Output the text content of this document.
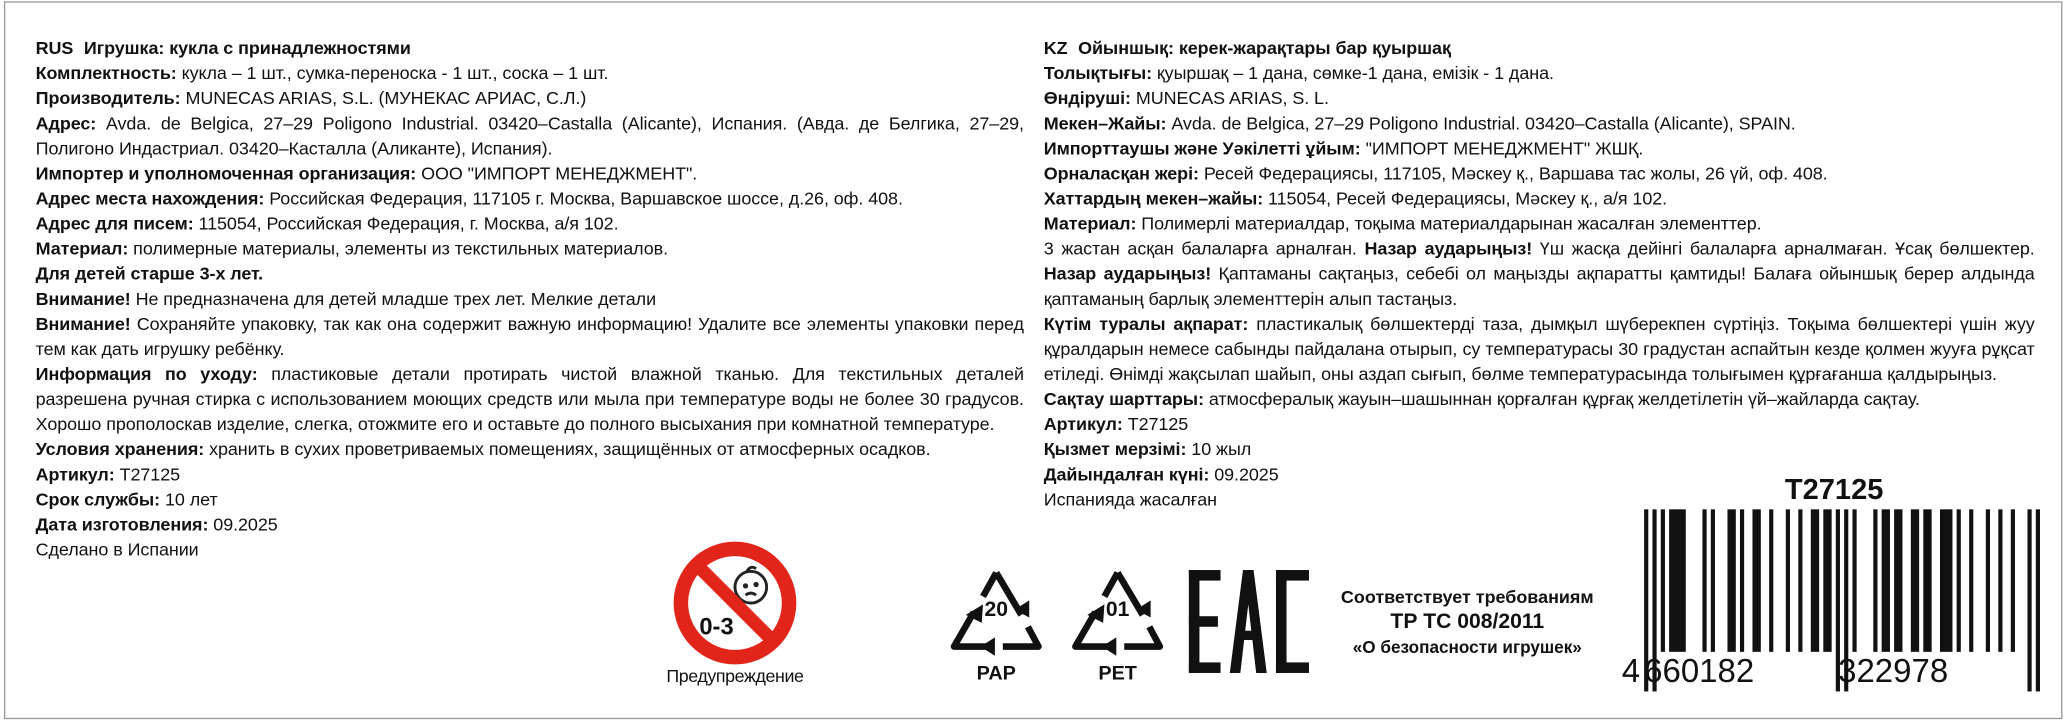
RUS Игрушка: кукла с принадлежностями
Комплектность: кукла – 1 шт., сумка-переноска - 1 шт., соска – 1 шт.
Производитель: MUNECAS ARIAS, S.L. (МУНЕКАС АРИАС, С.Л.)
Адрес: Avda. de Belgica, 27–29 Poligono Industrial. 03420–Castalla (Alicante), Испания. (Авда. де Белгика, 27–29, Полигоно Индастриал. 03420–Касталла (Аликанте), Испания).
Импортер и уполномоченная организация: ООО "ИМПОРТ МЕНЕДЖМЕНТ".
Адрес места нахождения: Российская Федерация, 117105 г. Москва, Варшавское шоссе, д.26, оф. 408.
Адрес для писем: 115054, Российская Федерация, г. Москва, а/я 102.
Материал: полимерные материалы, элементы из текстильных материалов.
Для детей старше 3-х лет.
Внимание! Не предназначена для детей младше трех лет. Мелкие детали
Внимание! Сохраняйте упаковку, так как она содержит важную информацию! Удалите все элементы упаковки перед тем как дать игрушку ребёнку.
Информация по уходу: пластиковые детали протирать чистой влажной тканью. Для текстильных деталей разрешена ручная стирка с использованием моющих средств или мыла при температуре воды не более 30 градусов. Хорошо прополоскав изделие, слегка, отожмите его и оставьте до полного высыхания при комнатной температуре.
Условия хранения: хранить в сухих проветриваемых помещениях, защищённых от атмосферных осадков.
Артикул: T27125
Срок службы: 10 лет
Дата изготовления: 09.2025
Сделано в Испании
KZ Ойыншық: керек-жарақтары бар қуыршақ
Толықтығы: қуыршақ – 1 дана, сөмке-1 дана, емізік - 1 дана.
Өндіруші: MUNECAS ARIAS, S. L.
Мекен–Жайы: Avda. de Belgica, 27–29 Poligono Industrial. 03420–Castalla (Alicante), SPAIN.
Импорттаушы және Уәкілетті ұйым: "ИМПОРТ МЕНЕДЖМЕНТ" ЖШҚ.
Орналасқан жері: Ресей Федерациясы, 117105, Мәскеу қ., Варшава тас жолы, 26 үй, оф. 408.
Хаттардың мекен–жайы: 115054, Ресей Федерациясы, Мәскеу қ., а/я 102.
Материал: Полимерлі материалдар, тоқыма материалдарынан жасалған элементтер.
3 жастан асқан балаларға арналған. Назар аударыңыз! Үш жасқа дейінгі балаларға арналмаған. Ұсақ бөлшектер. Назар аударыңыз! Қаптаманы сақтаңыз, себебі ол маңызды ақпаратты қамтиды! Балаға ойыншық берер алдында қаптаманың барлық элементтерін алып тастаңыз.
Күтім туралы ақпарат: пластикалық бөлшектерді таза, дымқыл шүберекпен сүртіңіз. Тоқыма бөлшектері үшін жуу құралдарын немесе сабынды пайдалана отырып, су температурасы 30 градустан аспайтын кезде қолмен жууға рұқсат етіледі. Өнімді жақсылап шайып, оны аздап сығып, бөлме температурасында толығымен құрғағанша қалдырыңыз.
Сақтау шарттары: атмосфералық жауын–шашыннан қорғалған құрғақ желдетілетін үй–жайларда сақтау.
Артикул: T27125
Қызмет мерзімі: 10 жыл
Дайындалған күні: 09.2025
Испанияда жасалған
0-3
Предупреждение
20
PAP
01
PET
Соответствует требованиям
ТР ТС 008/2011
«О безопасности игрушек»
T27125
4 660182	322978
